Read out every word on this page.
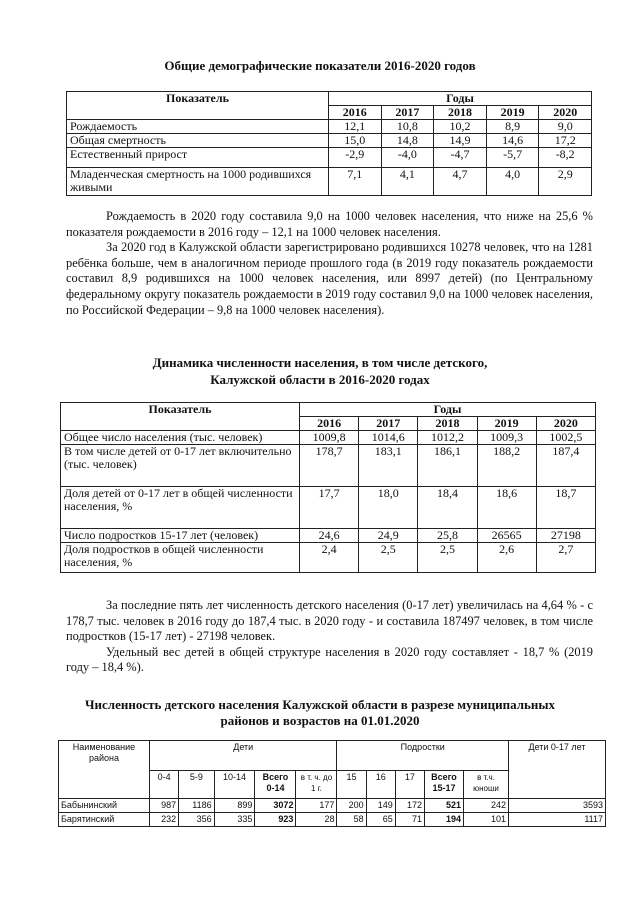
Общие демографические показатели 2016-2020 годов
Показатель	Годы				
	2016	2017	2018	2019	2020
Рождаемость	12,1	10,8	10,2	8,9	9,0
Общая смертность	15,0	14,8	14,9	14,6	17,2
Естественный прирост	-2,9	-4,0	-4,7	-5,7	-8,2
Младенческая смертность на 1000 родившихся живыми	7,1	4,1	4,7	4,0	2,9

Рождаемость в 2020 году составила 9,0 на 1000 человек населения, что ниже на 25,6 % показателя рождаемости в 2016 году – 12,1 на 1000 человек населения.

За 2020 год в Калужской области зарегистрировано родившихся 10278 человек, что на 1281 ребёнка больше, чем в аналогичном периоде прошлого года (в 2019 году показатель рождаемости составил 8,9 родившихся на 1000 человек населения, или 8997 детей) (по Центральному федеральному округу показатель рождаемости в 2019 году составил 9,0 на 1000 человек населения, по Российской Федерации – 9,8 на 1000 человек населения).

Динамика численности населения, в том числе детского,
Калужской области в 2016-2020 годах
Показатель	Годы				
	2016	2017	2018	2019	2020
Общее число населения (тыс. человек)	1009,8	1014,6	1012,2	1009,3	1002,5
В том числе детей от 0-17 лет включительно (тыс. человек)	178,7	183,1	186,1	188,2	187,4
Доля детей от 0-17 лет в общей численности населения, %	17,7	18,0	18,4	18,6	18,7
Число подростков 15-17 лет (человек)	24,6	24,9	25,8	26565	27198
Доля подростков в общей численности населения, %	2,4	2,5	2,5	2,6	2,7

За последние пять лет численность детского населения (0-17 лет) увеличилась на 4,64 % - с 178,7 тыс. человек в 2016 году до 187,4 тыс. в 2020 году - и составила 187497 человек, в том числе подростков (15-17 лет) - 27198 человек.

Удельный вес детей в общей структуре населения в 2020 году составляет - 18,7 % (2019 году – 18,4 %).

Численность детского населения Калужской области в разрезе муниципальных
районов и возрастов на 01.01.2020
Наименование района	Дети					Подростки					Дети 0-17 лет
	0-4	5-9	10-14	Всего 0-14	в т. ч. до 1 г.	15	16	17	Всего 15-17	в т.ч. юноши	
Бабынинский	987	1186	899	3072	177	200	149	172	521	242	3593
Барятинский	232	356	335	923	28	58	65	71	194	101	1117
